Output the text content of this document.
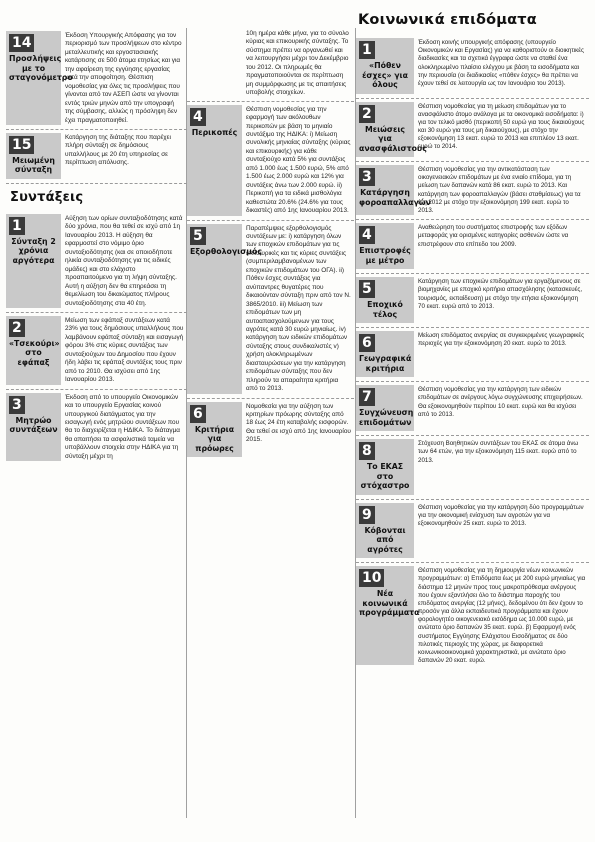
14
Προσλήψεις με το σταγονόμετρο
Έκδοση Υπουργικής Απόφασης για τον περιορισμό των προσλήψεων στο κέντρο μεταλλευτικής και εργοστασιακής κατάρτισης σε 500 άτομα ετησίως και για την αφαίρεση της εγγύησης εργασίας μετά την αποφοίτηση. Θέσπιση νομοθεσίας για όλες τις προσλήψεις που γίνονται από τον ΑΣΕΠ ώστε να γίνονται εντός τριών μηνών από την υπογραφή της σύμβασης, αλλιώς η πρόσληψη δεν έχει πραγματοποιηθεί.
15
Μειωμένη σύνταξη
Κατάργηση της διάταξης που παρέχει πλήρη σύνταξη σε δημόσιους υπαλλήλους με 20 έτη υπηρεσίας σε περίπτωση απόλυσης.
Συντάξεις
1
Σύνταξη 2 χρόνια αργότερα
Αύξηση των ορίων συνταξιοδότησης κατά δύο χρόνια, που θα τεθεί σε ισχύ από 1η Ιανουαρίου 2013. Η αύξηση θα εφαρμοστεί στο νόμιμο όριο συνταξιοδότησης (και σε οποιοδήποτε ηλικία συνταξιοδότησης για τις ειδικές ομάδες) και στο ελάχιστο προαπαιτούμενο για τη λήψη σύνταξης. Αυτή η αύξηση δεν θα επηρεάσει τη θεμελίωση του δικαιώματος πλήρους συνταξιοδότησης στα 40 έτη.
2
«Τσεκούρι» στο εφάπαξ
Μείωση των εφάπαξ συντάξεων κατά 23% για τους δημόσιους υπαλλήλους που λαμβάνουν εφάπαξ σύνταξη και εισαγωγή φόρου 3% στις κύριες συντάξεις των συνταξιούχων του Δημοσίου που έχουν ήδη λάβει τις εφάπαξ συντάξεις τους πριν από το 2010. Θα ισχύσει από 1ης Ιανουαρίου 2013.
3
Μητρώο συντάξεων
Έκδοση από το υπουργείο Οικονομικών και το υπουργείο Εργασίας κοινού υπουργικού διατάγματος για την εισαγωγή ενός μητρώου συντάξεων που θα το διαχειρίζεται η ΗΔΙΚΑ. Το διάταγμα θα απαιτήσει τα ασφαλιστικά ταμεία να υποβάλλουν στοιχεία στην ΗΔΙΚΑ για τη σύνταξη μέχρι τη
10η ημέρα κάθε μήνα, για το σύνολο κύριας και επικουρικής σύνταξης. Το σύστημα πρέπει να οργανωθεί και να λειτουργήσει μέχρι τον Δεκέμβριο του 2012. Οι πληρωμές θα πραγματοποιούνται σε περίπτωση μη συμμόρφωσης με τις απαιτήσεις υποβολής στοιχείων.
4
Περικοπές
Θέσπιση νομοθεσίας για την εφαρμογή των ακόλουθων περικοπών με βάση το μηνιαίο συντάξιμο της ΗΔΙΚΑ: i) Μείωση συνολικής μηνιαίας σύνταξης (κύριας και επικουρικής) για κάθε συνταξιούχο κατά 5% για συντάξεις από 1.000 έως 1.500 ευρώ, 5% από 1.500 έως 2.000 ευρώ και 12% για συντάξεις άνω των 2.000 ευρώ. ii) Περικοπή για τα ειδικά μισθολόγια καθεστώτα 20.6% (24.6% για τους δικαστές) από 1ης Ιανουαρίου 2013.
5
Εξορθολογισμός
Παραπέμψεις εξορθολογισμός συντάξεων με: i) κατάργηση όλων των εποχικών επιδομάτων για τις επικουρικές και τις κύριες συντάξεις (συμπεριλαμβανομένων των εποχικών επιδομάτων του ΟΓΑ). ii) Πόθεν έσχες συντάξεις για ανύπαντρες θυγατέρες που δικαιούνταν σύνταξη πριν από τον Ν. 3865/2010. iii) Μείωση των επιδομάτων των μη αυτοαπασχολούμενων για τους αγρότες κατά 30 ευρώ μηνιαίως. iv) κατάργηση των ειδικών επιδομάτων σύνταξης στους συνδικαλιστές v) χρήση ολοκληρωμένων διασταυρώσεων για την κατάργηση επιδομάτων σύνταξης που δεν πληρούν τα απαραίτητα κριτήρια από το 2013.
6
Κριτήρια για πρόωρες
Νομοθεσία για την αύξηση των κριτηρίων πρόωρης σύνταξης από 18 έως 24 έτη καταβολής εισφορών. Θα τεθεί σε ισχύ από 1ης Ιανουαρίου 2015.
Κοινωνικά επιδόματα
1
«Πόθεν έσχες» για όλους
Έκδοση κοινής υπουργικής απόφασης (υπουργείο Οικονομικών και Εργασίας) για να καθοριστούν οι διοικητικές διαδικασίες και τα σχετικά έγγραφα ώστε να σταθεί ένα ολοκληρωμένο πλαίσιο ελέγχου με βάση τα εισοδήματα και την περιουσία (οι διαδικασίες «πόθεν έσχες» θα πρέπει να έχουν τεθεί σε λειτουργία ως τον Ιανουάριο του 2013).
2
Μειώσεις για ανασφάλιστους
Θέσπιση νομοθεσίας για τη μείωση επιδομάτων για το ανασφάλιστο άτομο ανάλογα με τα οικονομικά εισοδήματα: i) για τον τελικό μισθό (περικοπή 50 ευρώ για τους δικαιούχους και 30 ευρώ για τους μη δικαιούχους), με στόχο την εξοικονόμηση 13 εκατ. ευρώ το 2013 και επιπλέον 13 εκατ. ευρώ το 2014.
3
Κατάργηση φοροαπαλλαγών
Θέσπιση νομοθεσίας για την αντικατάσταση των οικογενειακών επιδομάτων με ένα ενιαίο επίδομα, για τη μείωση των δαπανών κατά 86 εκατ. ευρώ το 2013. Και κατάργηση των φοροαπαλλαγών (βάσει σταθμίσεως) για τα έτη 2012 με στόχο την εξοικονόμηση 199 εκατ. ευρώ το 2013.
4
Επιστροφές με μέτρο
Αναθεώρηση του συστήματος επιστροφής των εξόδων μεταφοράς για ορισμένες κατηγορίες ασθενών ώστε να επιστρέφουν στο επίπεδο του 2009.
5
Εποχικό τέλος
Κατάργηση των εποχικών επιδομάτων για εργαζόμενους σε βιομηχανίες με εποχικό κριτήριο απασχόλησης (κατασκευές, τουρισμός, εκπαίδευση) με στόχο την ετήσια εξοικονόμηση 70 εκατ. ευρώ από το 2013.
6
Γεωγραφικά κριτήρια
Μείωση επιδόματος ανεργίας σε συγκεκριμένες γεωγραφικές περιοχές για την εξοικονόμηση 20 εκατ. ευρώ το 2013.
7
Συγχώνευση επιδομάτων
Θέσπιση νομοθεσίας για την κατάργηση των ειδικών επιδομάτων σε ανέργους λόγω συγχώνευσης επιχειρήσεων. Θα εξοικονομηθούν περίπου 10 εκατ. ευρώ και θα ισχύσει από το 2013.
8
Το ΕΚΑΣ στο στόχαστρο
Στόχευση Βοηθητικών συντάξεων του ΕΚΑΣ σε άτομα άνω των 64 ετών, για την εξοικονόμηση 115 εκατ. ευρώ από το 2013.
9
Κόβονται από αγρότες
Θέσπιση νομοθεσίας για την κατάργηση δύο προγραμμάτων για την οικονομική ενίσχυση των αγροτών για να εξοικονομηθούν 25 εκατ. ευρώ το 2013.
10
Νέα κοινωνικά προγράμματα
Θέσπιση νομοθεσίας για τη δημιουργία νέων κοινωνικών προγραμμάτων: α) Επιδόματα έως με 200 ευρώ μηνιαίως για διάστημα 12 μηνών προς τους μακροπρόθεσμα ανέργους που έχουν εξαντλήσει όλο το διάστημα παροχής του επιδόματος ανεργίας (12 μήνες), δεδομένου ότι δεν έχουν το προσόν για άλλα εκπαιδευτικά προγράμματα και έχουν φορολογητέο οικογενειακό εισόδημα ως 10.000 ευρώ, με ανώτατο όριο δαπανών 35 εκατ. ευρώ. β) Εφαρμογή ενός συστήματος Εγγύησης Ελάχιστου Εισοδήματος σε δύο πιλοτικές περιοχές της χώρας, με διαφορετικά κοινωνικοοικονομικά χαρακτηριστικά, με ανώτατο όριο δαπανών 20 εκατ. ευρώ.
